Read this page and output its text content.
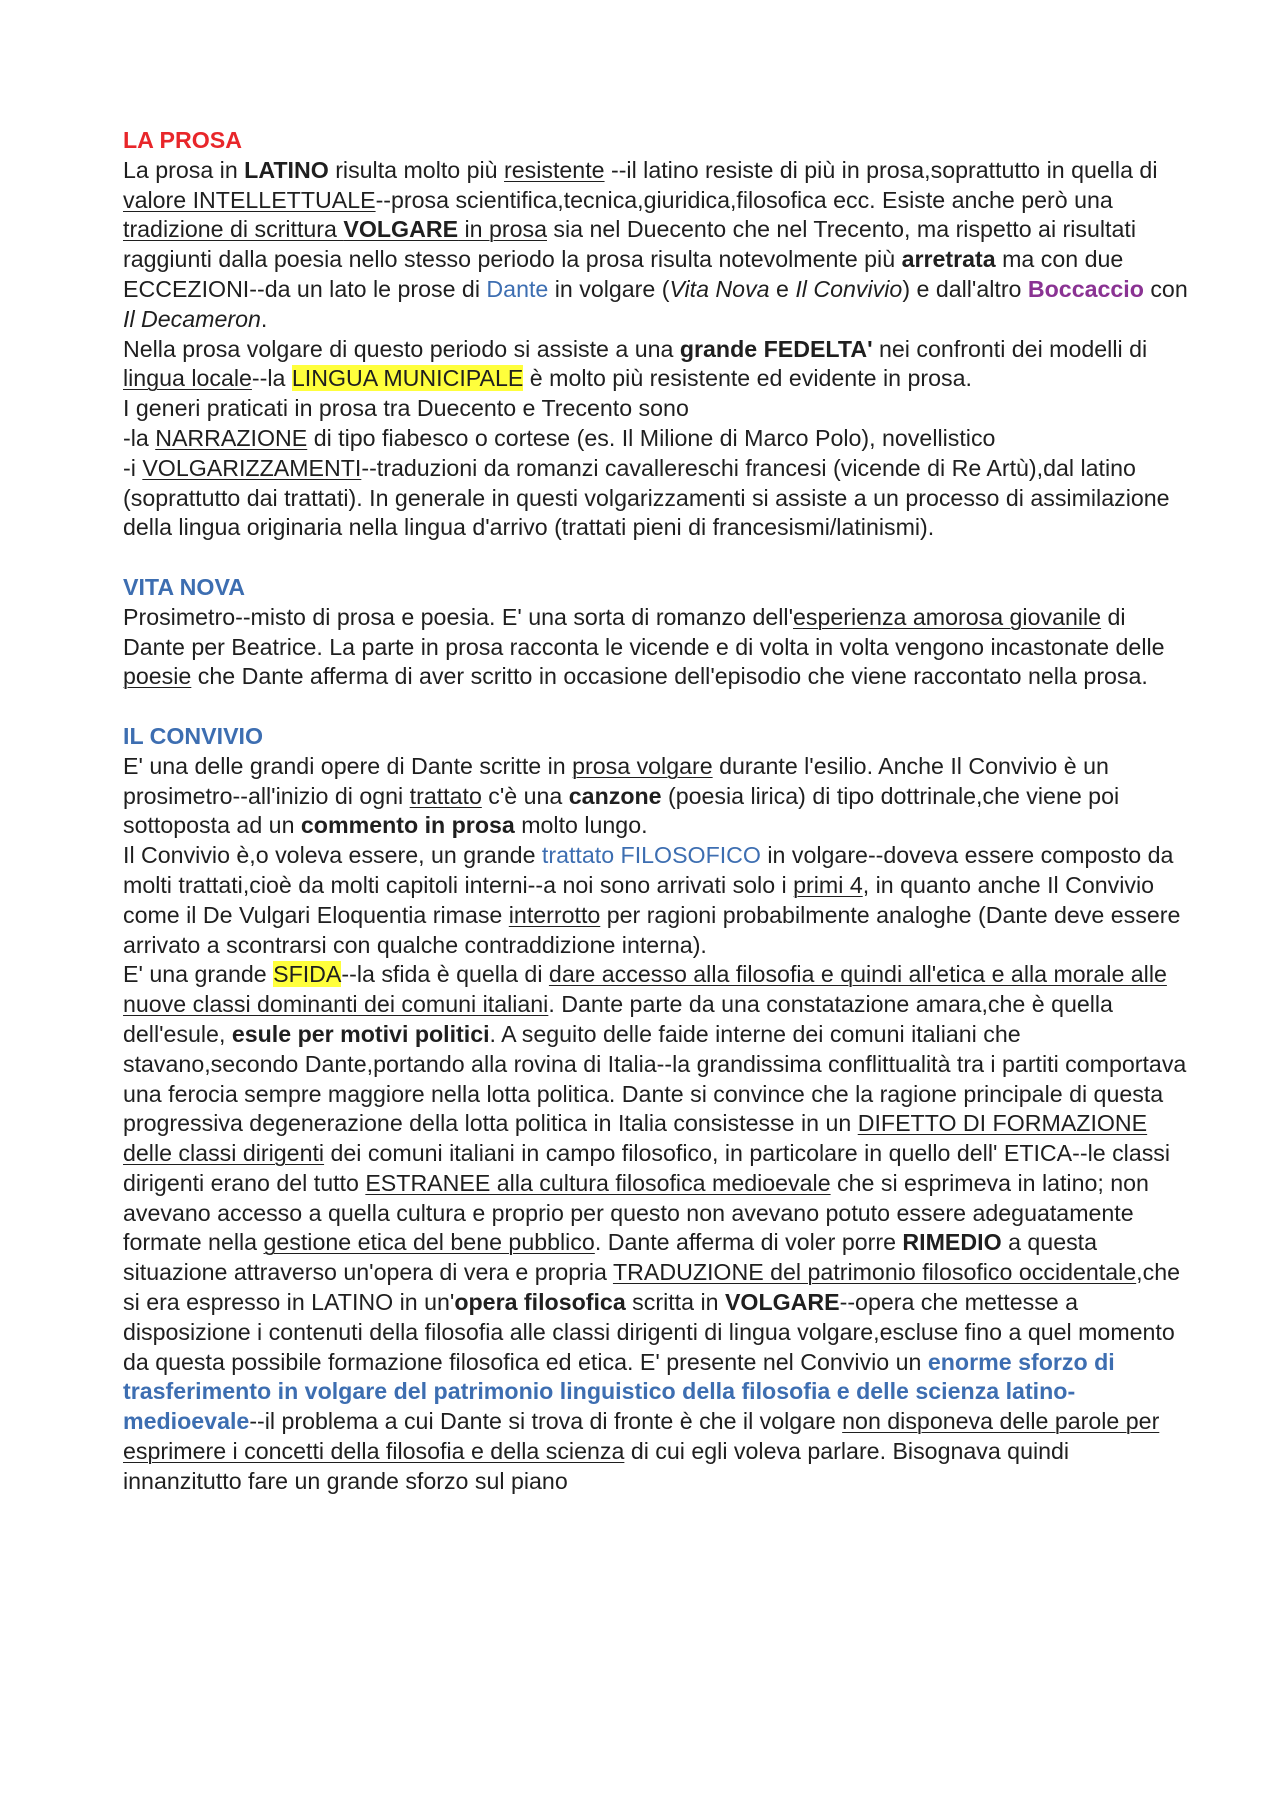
LA PROSA

La prosa in LATINO risulta molto più resistente --il latino resiste di più in prosa,soprattutto in quella di valore INTELLETTUALE--prosa scientifica,tecnica,giuridica,filosofica ecc. Esiste anche però una tradizione di scrittura VOLGARE in prosa sia nel Duecento che nel Trecento, ma rispetto ai risultati raggiunti dalla poesia nello stesso periodo la prosa risulta notevolmente più arretrata ma con due ECCEZIONI--da un lato le prose di Dante in volgare (Vita Nova e Il Convivio) e dall'altro Boccaccio con Il Decameron.

Nella prosa volgare di questo periodo si assiste a una grande FEDELTA' nei confronti dei modelli di lingua locale--la LINGUA MUNICIPALE è molto più resistente ed evidente in prosa.

I generi praticati in prosa tra Duecento e Trecento sono

-la NARRAZIONE di tipo fiabesco o cortese (es. Il Milione di Marco Polo), novellistico

-i VOLGARIZZAMENTI--traduzioni da romanzi cavallereschi francesi (vicende di Re Artù),dal latino (soprattutto dai trattati). In generale in questi volgarizzamenti si assiste a un processo di assimilazione della lingua originaria nella lingua d'arrivo (trattati pieni di francesismi/latinismi).

VITA NOVA

Prosimetro--misto di prosa e poesia. E' una sorta di romanzo dell'esperienza amorosa giovanile di Dante per Beatrice. La parte in prosa racconta le vicende e di volta in volta vengono incastonate delle poesie che Dante afferma di aver scritto in occasione dell'episodio che viene raccontato nella prosa.

IL CONVIVIO

E' una delle grandi opere di Dante scritte in prosa volgare durante l'esilio. Anche Il Convivio è un prosimetro--all'inizio di ogni trattato c'è una canzone (poesia lirica) di tipo dottrinale,che viene poi sottoposta ad un commento in prosa molto lungo.

Il Convivio è,o voleva essere, un grande trattato FILOSOFICO in volgare--doveva essere composto da molti trattati,cioè da molti capitoli interni--a noi sono arrivati solo i primi 4, in quanto anche Il Convivio come il De Vulgari Eloquentia rimase interrotto per ragioni probabilmente analoghe (Dante deve essere arrivato a scontrarsi con qualche contraddizione interna).

E' una grande SFIDA--la sfida è quella di dare accesso alla filosofia e quindi all'etica e alla morale alle nuove classi dominanti dei comuni italiani. Dante parte da una constatazione amara,che è quella dell'esule, esule per motivi politici. A seguito delle faide interne dei comuni italiani che stavano,secondo Dante,portando alla rovina di Italia--la grandissima conflittualità tra i partiti comportava una ferocia sempre maggiore nella lotta politica. Dante si convince che la ragione principale di questa progressiva degenerazione della lotta politica in Italia consistesse in un DIFETTO DI FORMAZIONE delle classi dirigenti dei comuni italiani in campo filosofico, in particolare in quello dell' ETICA--le classi dirigenti erano del tutto ESTRANEE alla cultura filosofica medioevale che si esprimeva in latino; non avevano accesso a quella cultura e proprio per questo non avevano potuto essere adeguatamente formate nella gestione etica del bene pubblico. Dante afferma di voler porre RIMEDIO a questa situazione attraverso un'opera di vera e propria TRADUZIONE del patrimonio filosofico occidentale,che si era espresso in LATINO in un'opera filosofica scritta in VOLGARE--opera che mettesse a disposizione i contenuti della filosofia alle classi dirigenti di lingua volgare,escluse fino a quel momento da questa possibile formazione filosofica ed etica. E' presente nel Convivio un enorme sforzo di trasferimento in volgare del patrimonio linguistico della filosofia e delle scienza latino-medioevale--il problema a cui Dante si trova di fronte è che il volgare non disponeva delle parole per esprimere i concetti della filosofia e della scienza di cui egli voleva parlare. Bisognava quindi innanzitutto fare un grande sforzo sul piano
